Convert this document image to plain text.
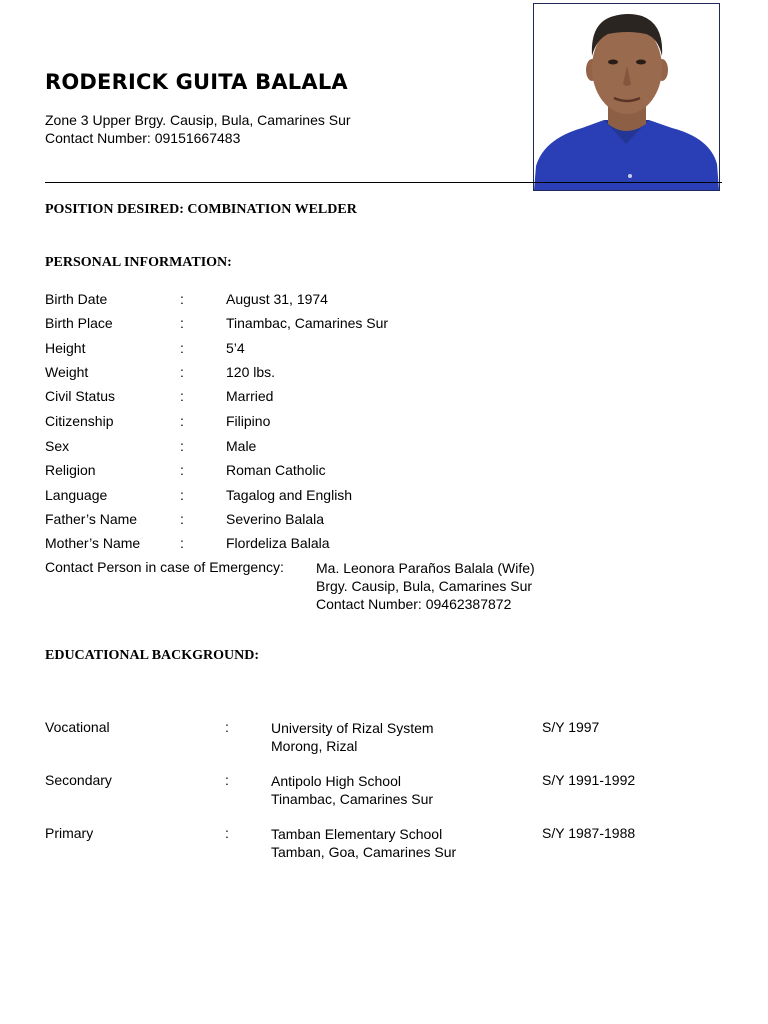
RODERICK GUITA BALALA
Zone 3 Upper Brgy. Causip, Bula, Camarines Sur
Contact Number: 09151667483
POSITION DESIRED: COMBINATION WELDER
PERSONAL INFORMATION:
Birth Date	:	August 31, 1974
Birth Place	:	Tinambac, Camarines Sur
Height	:	5’4
Weight	:	120 lbs.
Civil Status	:	Married
Citizenship	:	Filipino
Sex	:	Male
Religion	:	Roman Catholic
Language	:	Tagalog and English
Father’s Name	:	Severino Balala
Mother’s Name	:	Flordeliza Balala
Contact Person in case of Emergency: Ma. Leonora Paraños Balala (Wife)
Brgy. Causip, Bula, Camarines Sur
Contact Number: 09462387872
EDUCATIONAL BACKGROUND:
Vocational	:	University of Rizal System
Morong, Rizal
S/Y 1997
Secondary	:	Antipolo High School
Tinambac, Camarines Sur
S/Y 1991-1992
Primary	:	Tamban Elementary School
Tamban, Goa, Camarines Sur
S/Y 1987-1988
